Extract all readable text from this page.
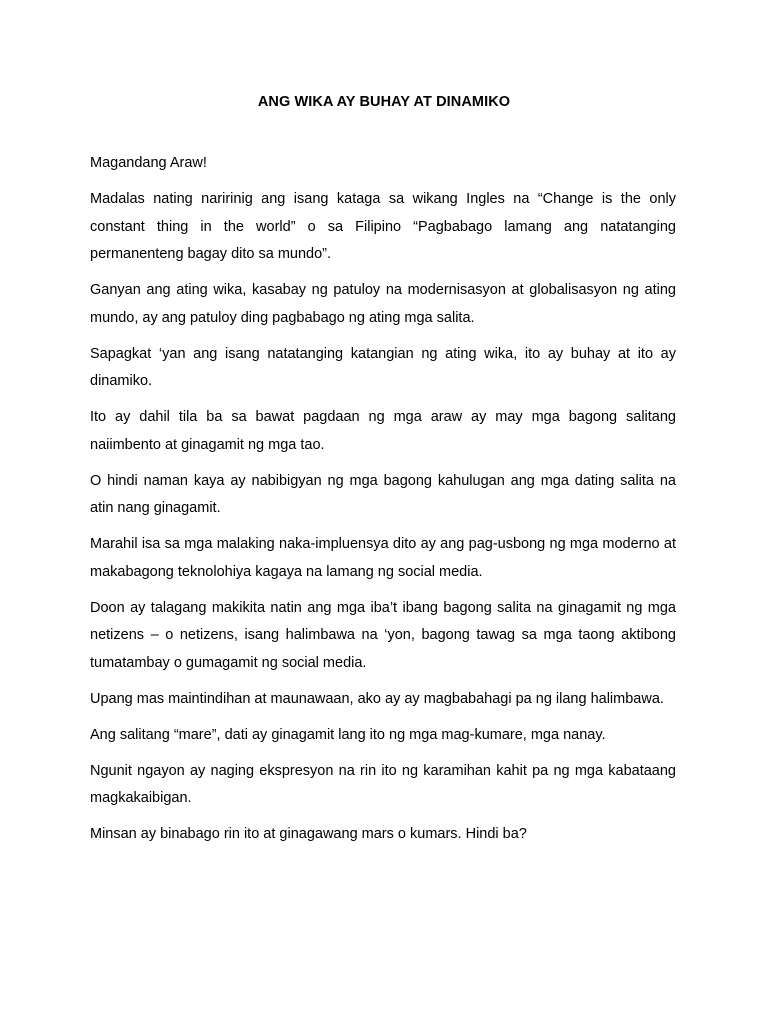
ANG WIKA AY BUHAY AT DINAMIKO

Magandang Araw!

Madalas nating naririnig ang isang kataga sa wikang Ingles na “Change is the only constant thing in the world” o sa Filipino “Pagbabago lamang ang natatanging permanenteng bagay dito sa mundo”.

Ganyan ang ating wika, kasabay ng patuloy na modernisasyon at globalisasyon ng ating mundo, ay ang patuloy ding pagbabago ng ating mga salita.

Sapagkat ‘yan ang isang natatanging katangian ng ating wika, ito ay buhay at ito ay dinamiko.

Ito ay dahil tila ba sa bawat pagdaan ng mga araw ay may mga bagong salitang naiimbento at ginagamit ng mga tao.

O hindi naman kaya ay nabibigyan ng mga bagong kahulugan ang mga dating salita na atin nang ginagamit.

Marahil isa sa mga malaking naka-impluensya dito ay ang pag-usbong ng mga moderno at makabagong teknolohiya kagaya na lamang ng social media.

Doon ay talagang makikita natin ang mga iba’t ibang bagong salita na ginagamit ng mga netizens – o netizens, isang halimbawa na ‘yon, bagong tawag sa mga taong aktibong tumatambay o gumagamit ng social media.

Upang mas maintindihan at maunawaan, ako ay ay magbabahagi pa ng ilang halimbawa.

Ang salitang “mare”, dati ay ginagamit lang ito ng mga mag-kumare, mga nanay.

Ngunit ngayon ay naging ekspresyon na rin ito ng karamihan kahit pa ng mga kabataang magkakaibigan.

Minsan ay binabago rin ito at ginagawang mars o kumars. Hindi ba?
